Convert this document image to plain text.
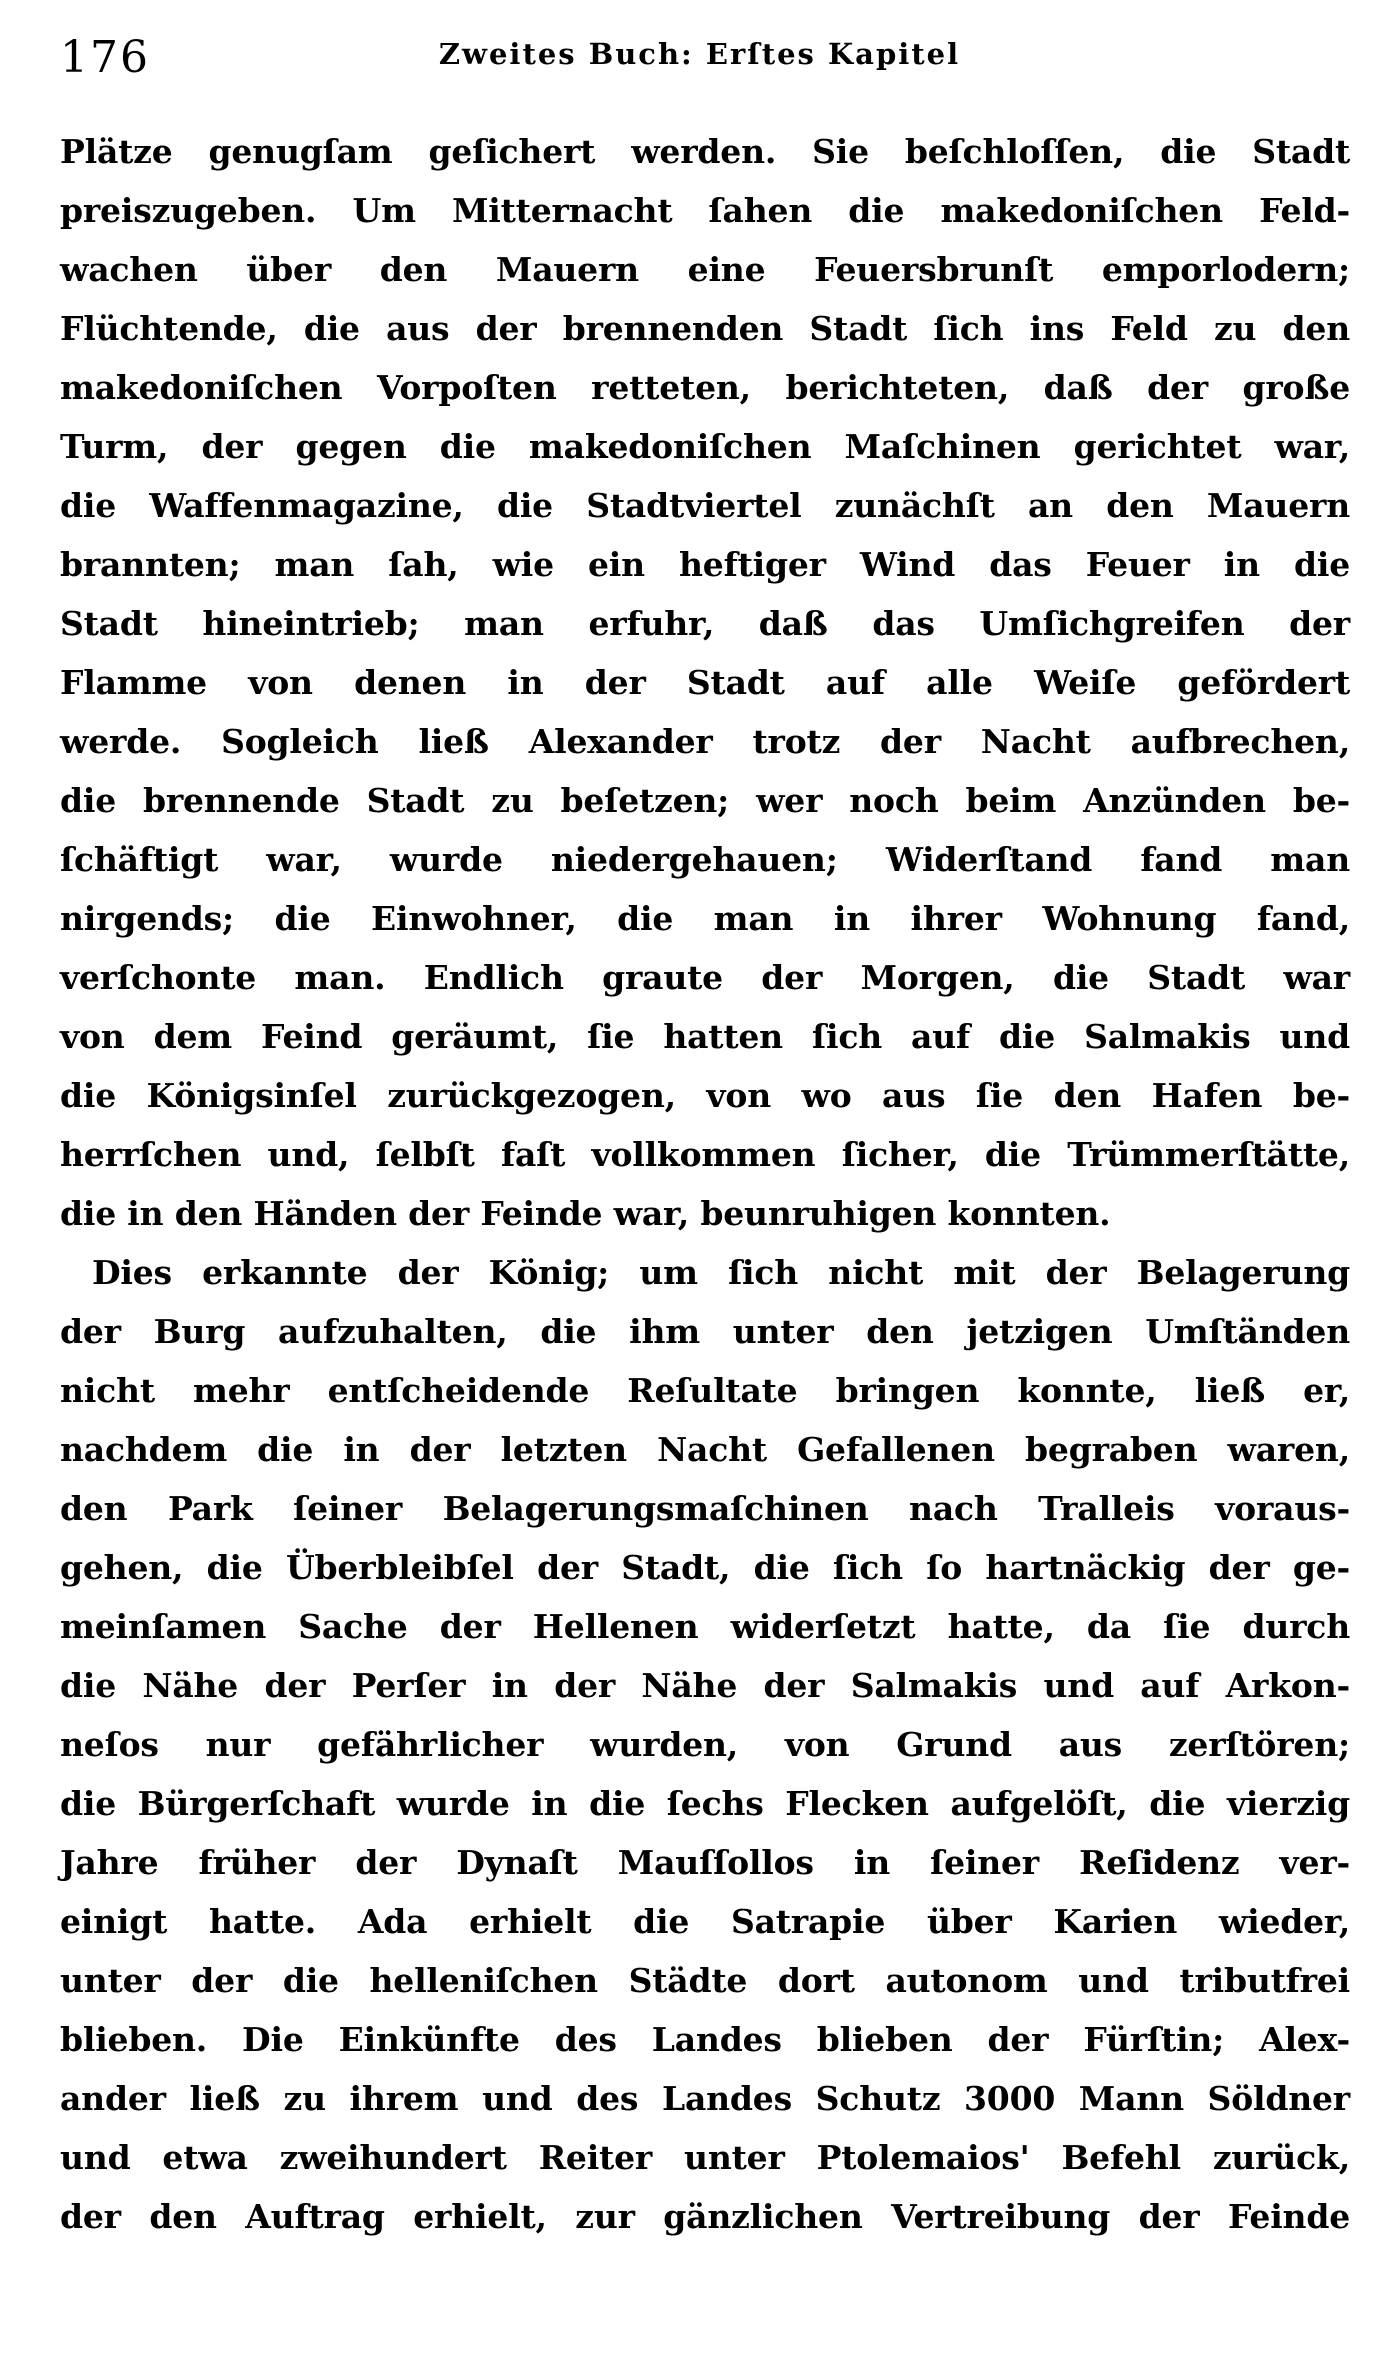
176	Zweites Buch: Erſtes Kapitel
Plätze genugſam geſichert werden. Sie beſchloſſen, die Stadt
preiszugeben. Um Mitternacht ſahen die makedoniſchen Feld-
wachen über den Mauern eine Feuersbrunſt emporlodern;
Flüchtende, die aus der brennenden Stadt ſich ins Feld zu den
makedoniſchen Vorpoſten retteten, berichteten, daß der große
Turm, der gegen die makedoniſchen Maſchinen gerichtet war,
die Waffenmagazine, die Stadtviertel zunächſt an den Mauern
brannten; man ſah, wie ein heftiger Wind das Feuer in die
Stadt hineintrieb; man erfuhr, daß das Umſichgreifen der
Flamme von denen in der Stadt auf alle Weiſe gefördert
werde. Sogleich ließ Alexander trotz der Nacht aufbrechen,
die brennende Stadt zu beſetzen; wer noch beim Anzünden be-
ſchäftigt war, wurde niedergehauen; Widerſtand fand man
nirgends; die Einwohner, die man in ihrer Wohnung fand,
verſchonte man. Endlich graute der Morgen, die Stadt war
von dem Feind geräumt, ſie hatten ſich auf die Salmakis und
die Königsinſel zurückgezogen, von wo aus ſie den Hafen be-
herrſchen und, ſelbſt faſt vollkommen ſicher, die Trümmerſtätte,
die in den Händen der Feinde war, beunruhigen konnten.
Dies erkannte der König; um ſich nicht mit der Belagerung
der Burg aufzuhalten, die ihm unter den jetzigen Umſtänden
nicht mehr entſcheidende Reſultate bringen konnte, ließ er,
nachdem die in der letzten Nacht Gefallenen begraben waren,
den Park ſeiner Belagerungsmaſchinen nach Tralleis voraus-
gehen, die Überbleibſel der Stadt, die ſich ſo hartnäckig der ge-
meinſamen Sache der Hellenen widerſetzt hatte, da ſie durch
die Nähe der Perſer in der Nähe der Salmakis und auf Arkon-
neſos nur gefährlicher wurden, von Grund aus zerſtören;
die Bürgerſchaft wurde in die ſechs Flecken aufgelöſt, die vierzig
Jahre früher der Dynaſt Mauſſollos in ſeiner Reſidenz ver-
einigt hatte. Ada erhielt die Satrapie über Karien wieder,
unter der die helleniſchen Städte dort autonom und tributfrei
blieben. Die Einkünfte des Landes blieben der Fürſtin; Alex-
ander ließ zu ihrem und des Landes Schutz 3000 Mann Söldner
und etwa zweihundert Reiter unter Ptolemaios' Befehl zurück,
der den Auftrag erhielt, zur gänzlichen Vertreibung der Feinde
